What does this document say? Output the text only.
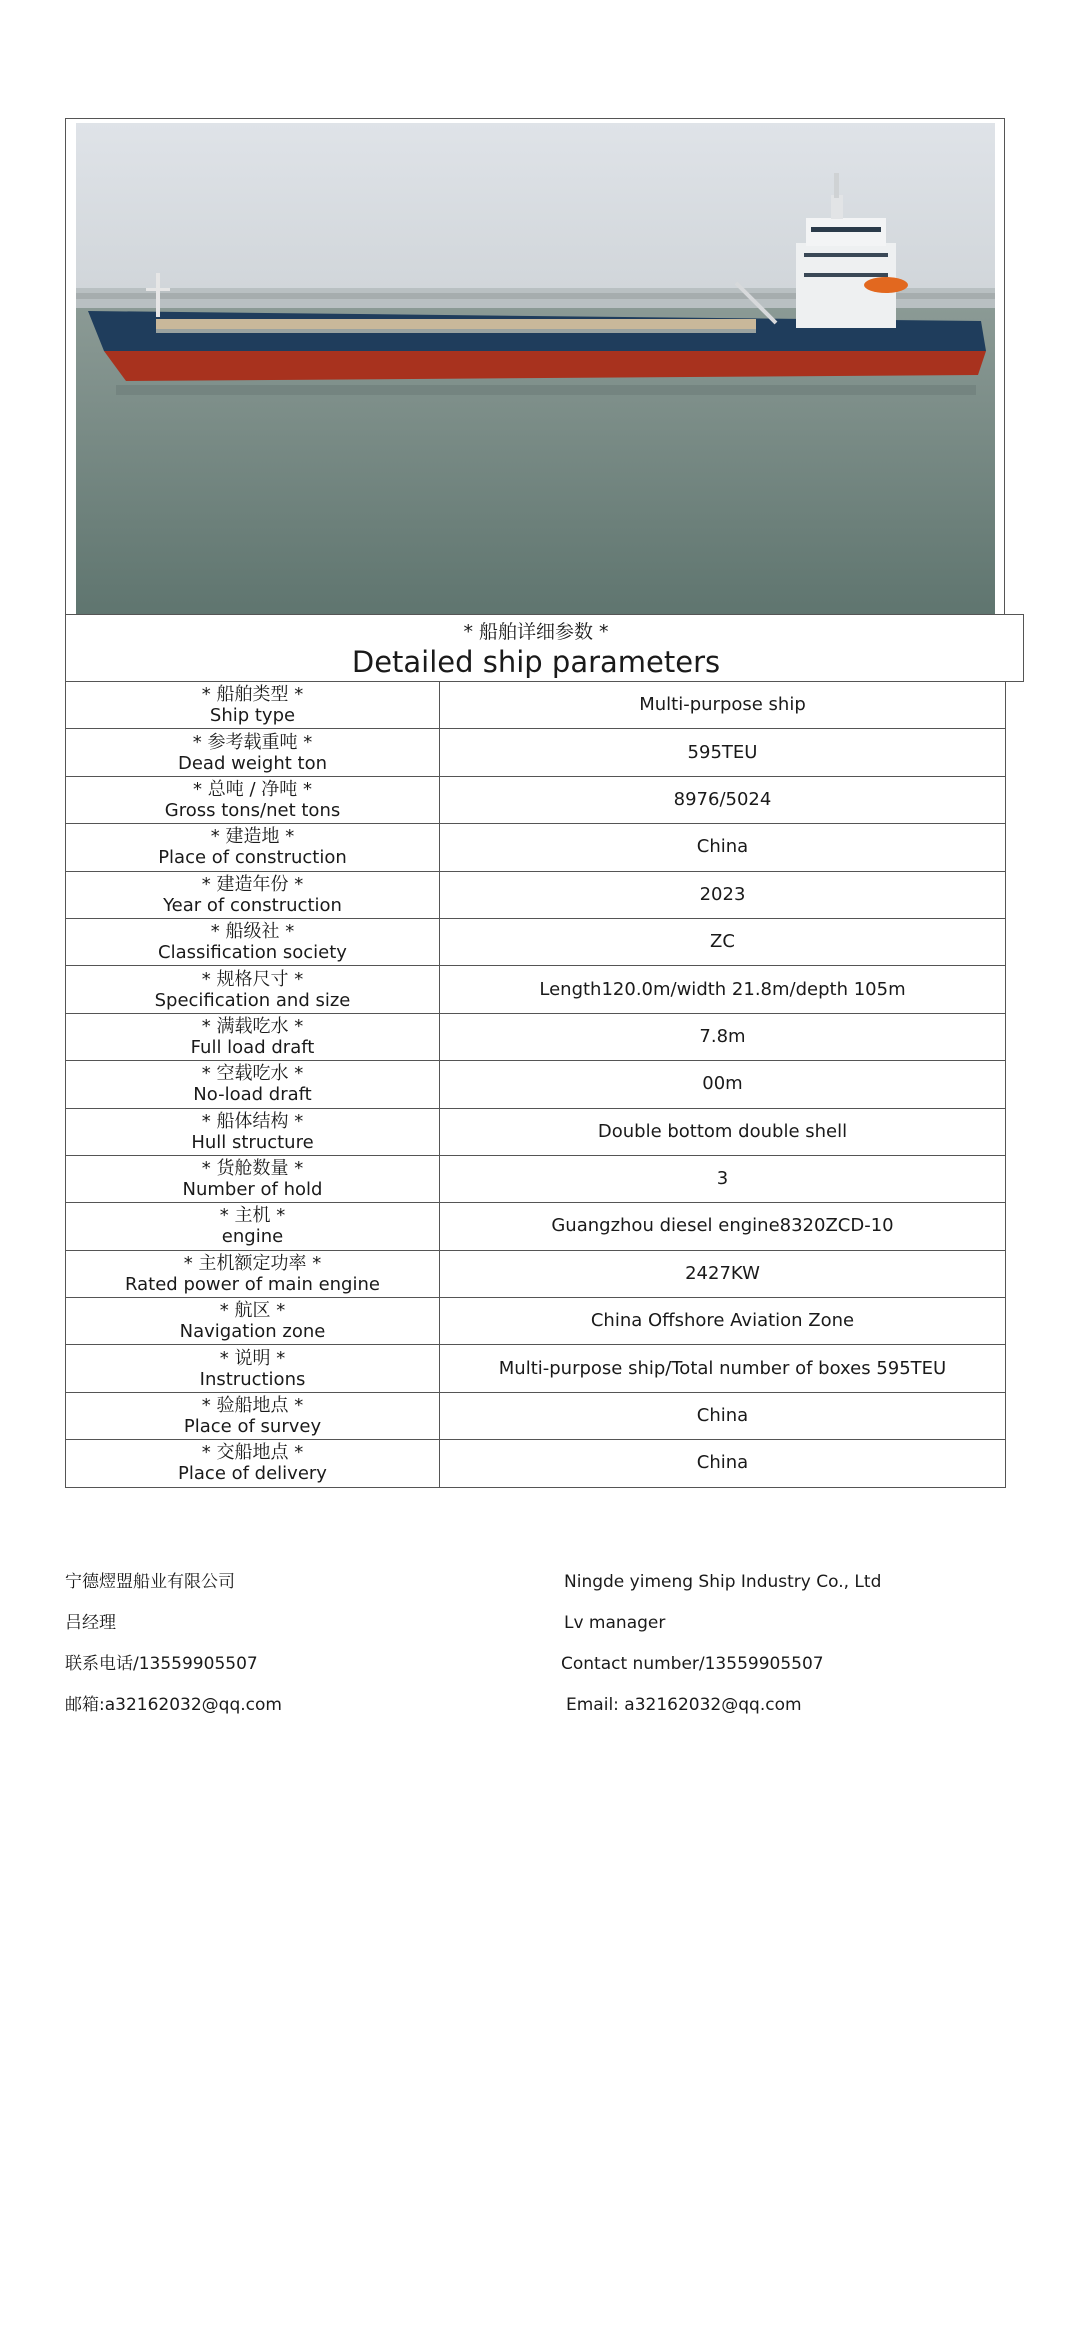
* 船舶详细参数 *
Detailed ship parameters
* 船舶类型 *
Ship type	Multi-purpose ship

* 参考载重吨 *
Dead weight ton	595TEU

* 总吨 / 净吨 *
Gross tons/net tons	8976/5024

* 建造地 *
Place of construction	China

* 建造年份 *
Year of construction	2023

* 船级社 *
Classification society	ZC

* 规格尺寸 *
Specification and size	Length120.0m/width 21.8m/depth 105m

* 满载吃水 *
Full load draft	7.8m

* 空载吃水 *
No-load draft	00m

* 船体结构 *
Hull structure	Double bottom double shell

* 货舱数量 *
Number of hold	3

* 主机 *
engine	Guangzhou diesel engine8320ZCD-10

* 主机额定功率 *
Rated power of main engine	2427KW

* 航区 *
Navigation zone	China Offshore Aviation Zone

* 说明 *
Instructions	Multi-purpose ship/Total number of boxes 595TEU

* 验船地点 *
Place of survey	China

* 交船地点 *
Place of delivery	China
宁德熤盟船业有限公司	Ningde yimeng Ship Industry Co., Ltd
吕经理	Lv manager
联系电话/13559905507	Contact number/13559905507
邮箱:a32162032@qq.com	Email: a32162032@qq.com
